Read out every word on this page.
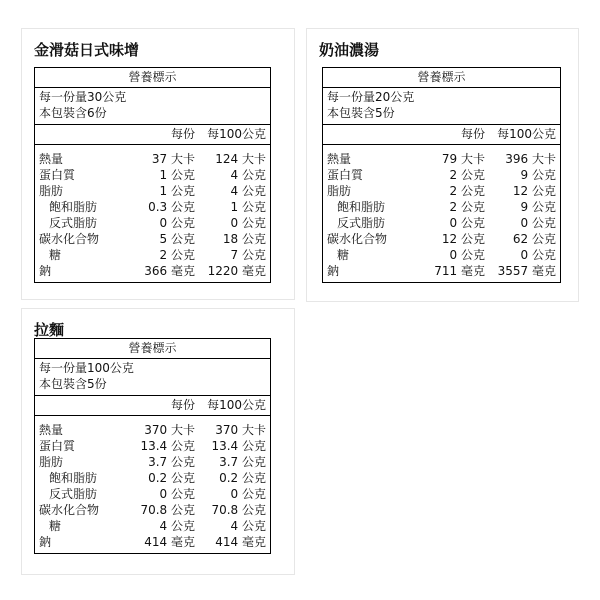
金滑菇日式味增
營養標示
每一份量30公克
本包裝含6份
每份 每100公克
熱量	37 大卡 124 大卡
蛋白質	1 公克	4 公克
脂肪	1 公克	4 公克
飽和脂肪	0.3 公克	1 公克
反式脂肪	0 公克	0 公克
碳水化合物	5 公克 18 公克
糖	2 公克	7 公克
鈉	366 毫克 1220 毫克
奶油濃湯
營養標示
每一份量20公克
本包裝含5份
每份 每100公克
熱量	79 大卡 396 大卡
蛋白質	2 公克	9 公克
脂肪	2 公克 12 公克
飽和脂肪	2 公克	9 公克
反式脂肪	0 公克	0 公克
碳水化合物	12 公克 62 公克
糖	0 公克	0 公克
鈉	711 毫克 3557 毫克
拉麵
營養標示
每一份量100公克
本包裝含5份
每份 每100公克
熱量	370 大卡 370 大卡
蛋白質	13.4 公克 13.4 公克
脂肪	3.7 公克 3.7 公克
飽和脂肪	0.2 公克 0.2 公克
反式脂肪	0 公克	0 公克
碳水化合物	70.8 公克 70.8 公克
糖	4 公克	4 公克
鈉	414 毫克 414 毫克
